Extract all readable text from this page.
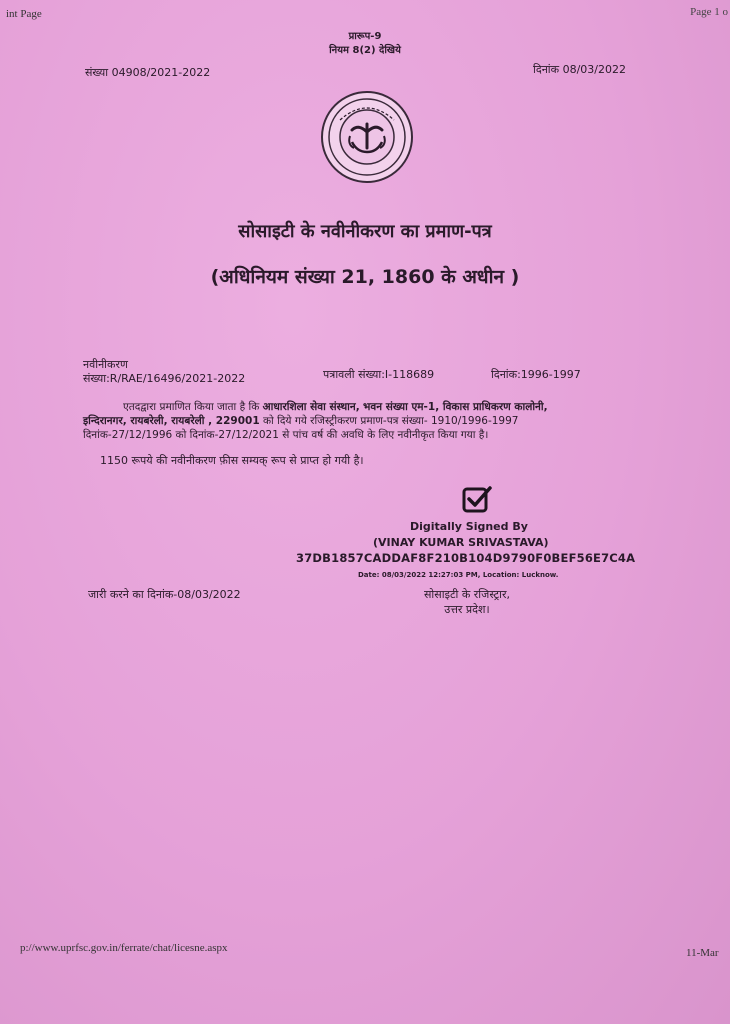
int Page	Page 1 o
प्रारूप-9
नियम 8(2) देखिये
संख्या 04908/2021-2022	दिनांक 08/03/2022
सोसाइटी के नवीनीकरण का प्रमाण-पत्र
(अधिनियम संख्या 21, 1860 के अधीन )
नवीनीकरण
संख्या:R/RAE/16496/2021-2022	पत्रावली संख्या:I-118689	दिनांक:1996-1997
एतदद्वारा प्रमाणित किया जाता है कि आधारशिला सेवा संस्थान, भवन संख्या एम-1, विकास प्राधिकरण कालोनी,
इन्दिरानगर, रायबरेली, रायबरेली , 229001 को दिये गये रजिस्ट्रीकरण प्रमाण-पत्र संख्या- 1910/1996-1997
दिनांक-27/12/1996 को दिनांक-27/12/2021 से पांच वर्ष की अवधि के लिए नवीनीकृत किया गया है।
1150 रूपये की नवीनीकरण फ़ीस सम्यक् रूप से प्राप्त हो गयी है।
Digitally Signed By
(VINAY KUMAR SRIVASTAVA)
37DB1857CADDAF8F210B104D9790F0BEF56E7C4A
Date: 08/03/2022 12:27:03 PM, Location: Lucknow.
जारी करने का दिनांक-08/03/2022	सोसाइटी के रजिस्ट्रार,
उत्तर प्रदेश।
p://www.uprfsc.gov.in/ferrate/chat/licesne.aspx	11-Mar
